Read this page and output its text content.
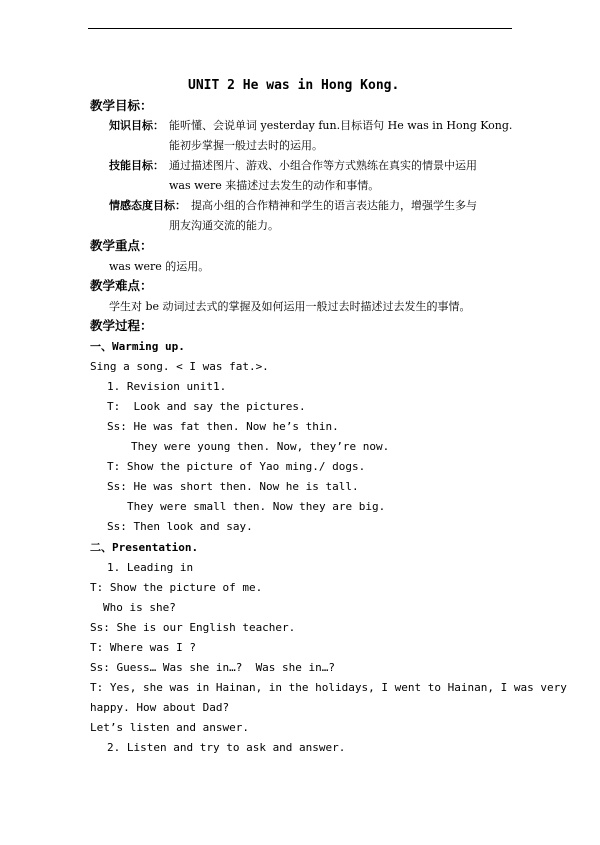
UNIT 2 He was in Hong Kong.
教学目标：
知识目标： 能听懂、会说单词 yesterday fun.目标语句 He was in Hong Kong.
能初步掌握一般过去时的运用。
技能目标： 通过描述图片、游戏、小组合作等方式熟练在真实的情景中运用
was were 来描述过去发生的动作和事情。
情感态度目标： 提高小组的合作精神和学生的语言表达能力，增强学生多与
朋友沟通交流的能力。
教学重点：
was were 的运用。
教学难点：
学生对 be 动词过去式的掌握及如何运用一般过去时描述过去发生的事情。
教学过程：
一、Warming up.
Sing a song. < I was fat.>.
1. Revision unit1.
T:  Look and say the pictures.
Ss: He was fat then. Now he’s thin.
They were young then. Now, they’re now.
T: Show the picture of Yao ming./ dogs.
Ss: He was short then. Now he is tall.
They were small then. Now they are big.
Ss: Then look and say.
二、Presentation.
1. Leading in
T: Show the picture of me.
Who is she?
Ss: She is our English teacher.
T: Where was I ?
Ss: Guess… Was she in…?  Was she in…?
T: Yes, she was in Hainan, in the holidays, I went to Hainan, I was very
happy. How about Dad?
Let’s listen and answer.
2. Listen and try to ask and answer.
